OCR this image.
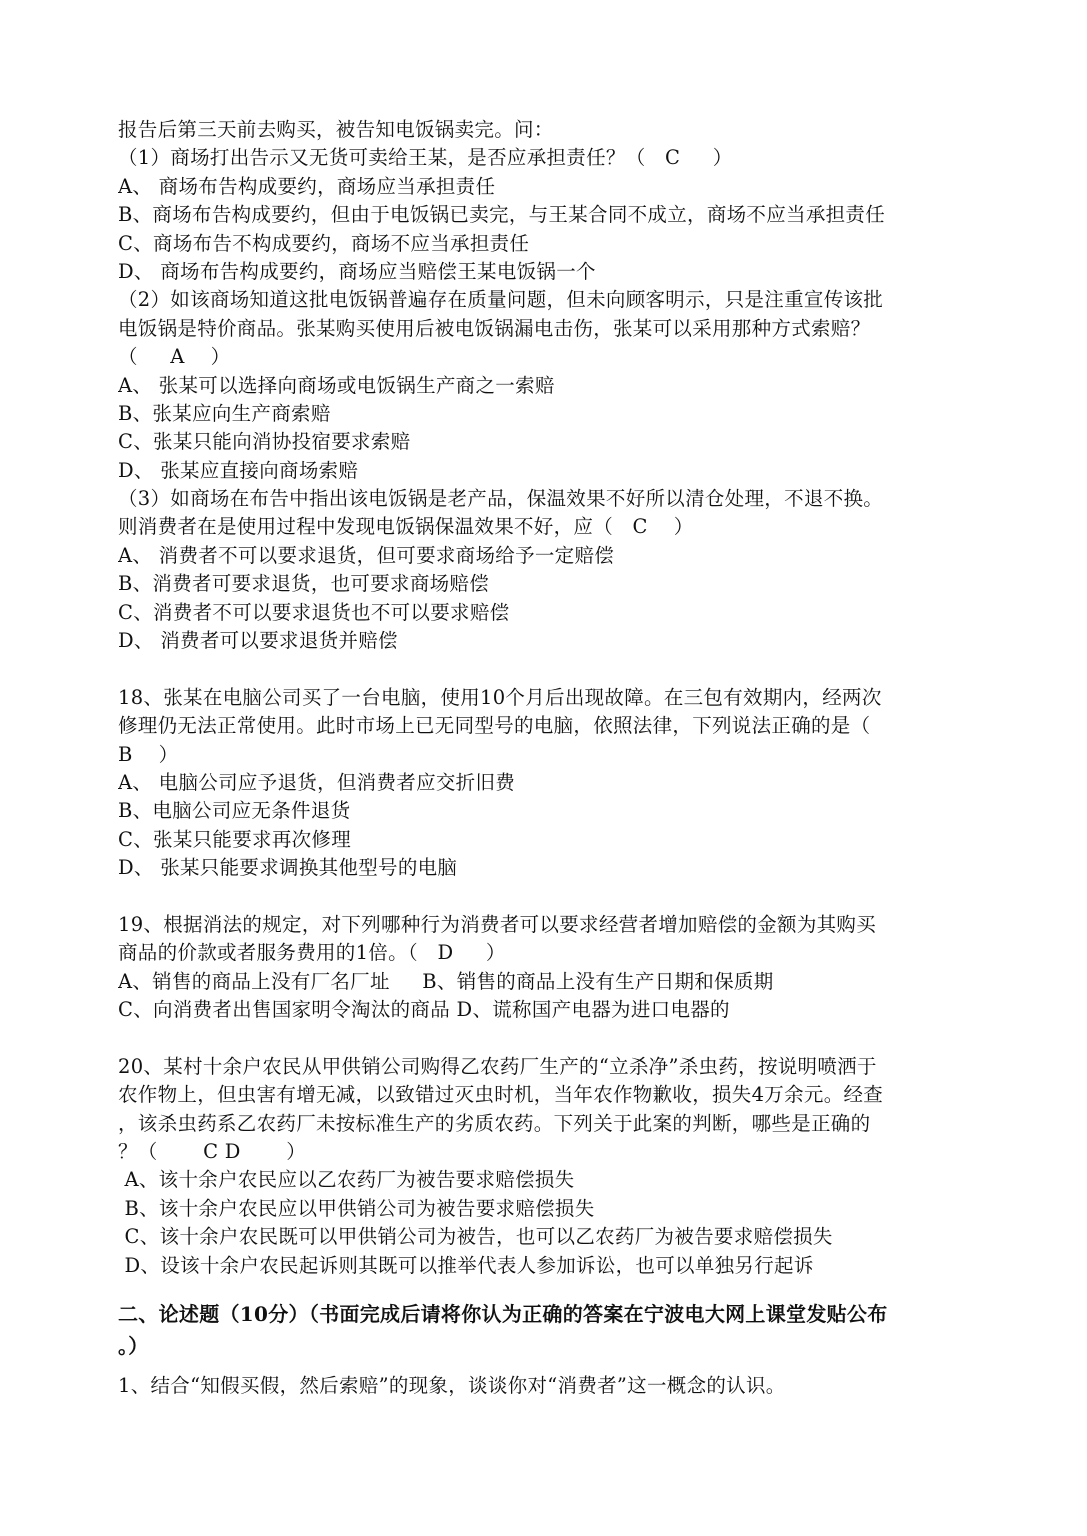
报告后第三天前去购买，被告知电饭锅卖完。问：
（1）商场打出告示又无货可卖给王某，是否应承担责任？（   C     ）
A、 商场布告构成要约，商场应当承担责任
B、商场布告构成要约，但由于电饭锅已卖完，与王某合同不成立，商场不应当承担责任
C、商场布告不构成要约，商场不应当承担责任
D、 商场布告构成要约，商场应当赔偿王某电饭锅一个
（2）如该商场知道这批电饭锅普遍存在质量问题，但未向顾客明示，只是注重宣传该批
电饭锅是特价商品。张某购买使用后被电饭锅漏电击伤，张某可以采用那种方式索赔？
（     A    ）
A、 张某可以选择向商场或电饭锅生产商之一索赔
B、张某应向生产商索赔
C、张某只能向消协投宿要求索赔
D、 张某应直接向商场索赔
（3）如商场在布告中指出该电饭锅是老产品，保温效果不好所以清仓处理，不退不换。
则消费者在是使用过程中发现电饭锅保温效果不好，应（   C    ）
A、 消费者不可以要求退货，但可要求商场给予一定赔偿
B、消费者可要求退货，也可要求商场赔偿
C、消费者不可以要求退货也不可以要求赔偿
D、 消费者可以要求退货并赔偿
18、张某在电脑公司买了一台电脑，使用10个月后出现故障。在三包有效期内，经两次
修理仍无法正常使用。此时市场上已无同型号的电脑，依照法律，下列说法正确的是（
B    ）
A、 电脑公司应予退货，但消费者应交折旧费
B、电脑公司应无条件退货
C、张某只能要求再次修理
D、 张某只能要求调换其他型号的电脑
19、根据消法的规定，对下列哪种行为消费者可以要求经营者增加赔偿的金额为其购买
商品的价款或者服务费用的1倍。（   D     ）
A、销售的商品上没有厂名厂址     B、销售的商品上没有生产日期和保质期
C、向消费者出售国家明令淘汰的商品 D、谎称国产电器为进口电器的
20、某村十余户农民从甲供销公司购得乙农药厂生产的“立杀净”杀虫药，按说明喷洒于
农作物上，但虫害有增无减，以致错过灭虫时机，当年农作物歉收，损失4万余元。经查
，该杀虫药系乙农药厂未按标准生产的劣质农药。下列关于此案的判断，哪些是正确的
？（       C D       ）
A、该十余户农民应以乙农药厂为被告要求赔偿损失
B、该十余户农民应以甲供销公司为被告要求赔偿损失
C、该十余户农民既可以甲供销公司为被告，也可以乙农药厂为被告要求赔偿损失
D、设该十余户农民起诉则其既可以推举代表人参加诉讼，也可以单独另行起诉
二、论述题（10分）（书面完成后请将你认为正确的答案在宁波电大网上课堂发贴公布
。）
1、结合“知假买假，然后索赔”的现象，谈谈你对“消费者”这一概念的认识。
